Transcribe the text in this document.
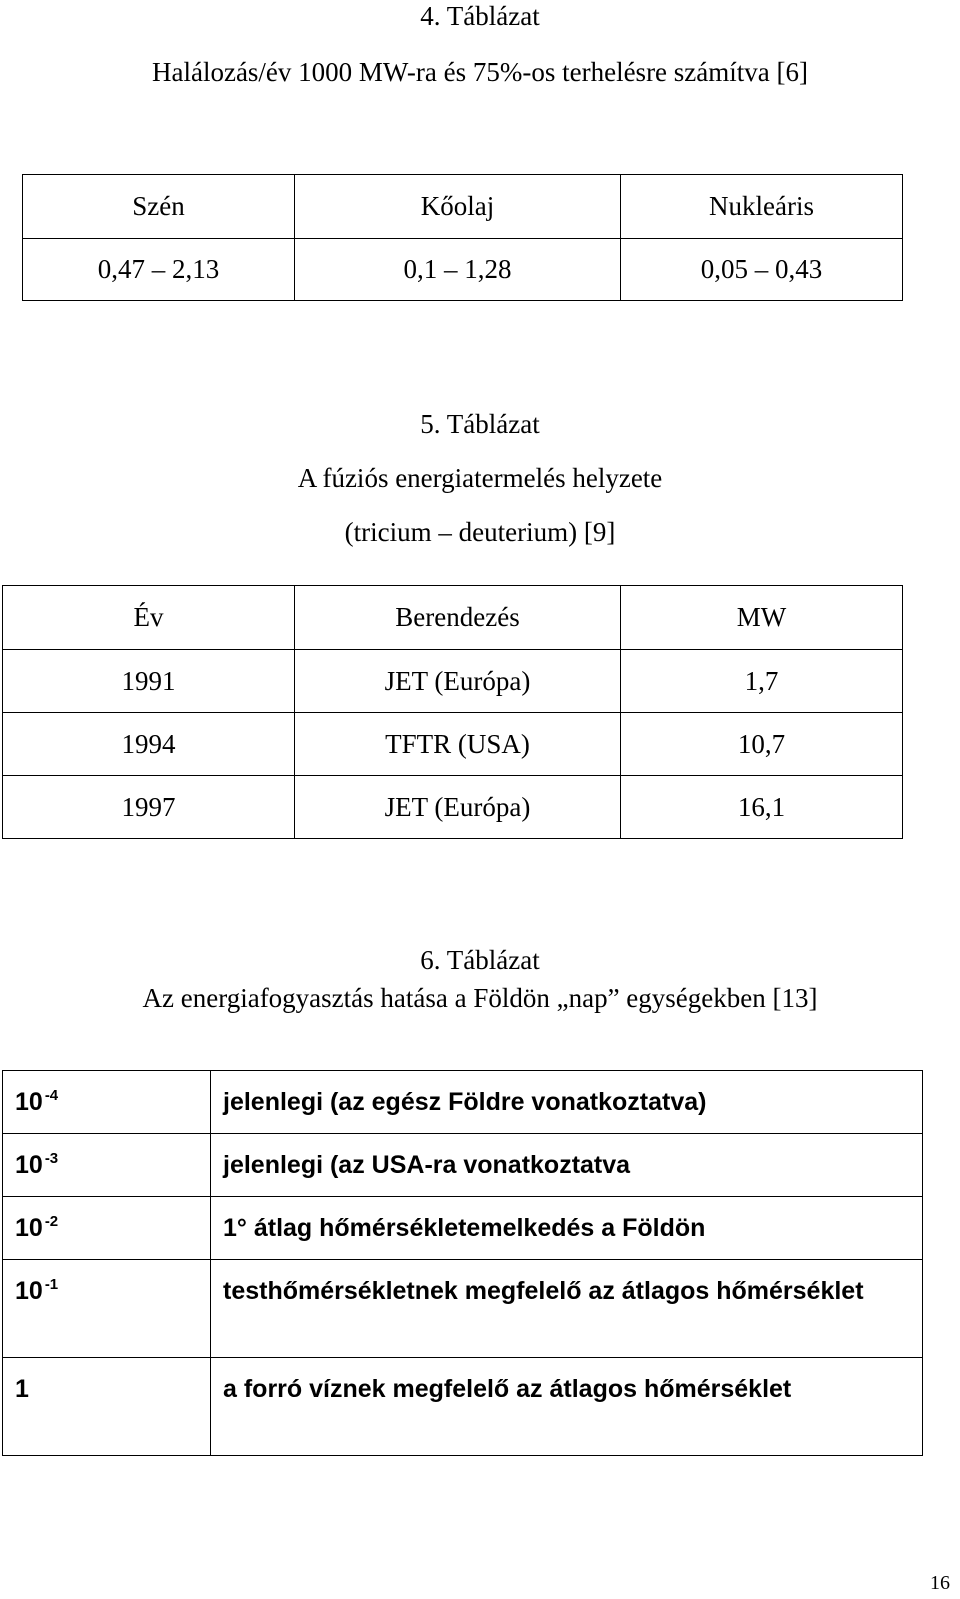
4. Táblázat
Halálozás/év 1000 MW-ra és 75%-os terhelésre számítva [6]
Szén	Kőolaj	Nukleáris
0,47 – 2,13	0,1 – 1,28	0,05 – 0,43
5. Táblázat
A fúziós energiatermelés helyzete
(tricium – deuterium) [9]
Év	Berendezés	MW
1991	JET (Európa)	1,7
1994	TFTR (USA)	10,7
1997	JET (Európa)	16,1
6. Táblázat
Az energiafogyasztás hatása a Földön „nap” egységekben [13]
10 $^{-4}$	jelenlegi (az egész Földre vonatkoztatva)
10 $^{-3}$	jelenlegi (az USA-ra vonatkoztatva
10 $^{-2}$	1° átlag hőmérsékletemelkedés a Földön
10 $^{-1}$	testhőmérsékletnek megfelelő az átlagos hőmérséklet
1	a forró víznek megfelelő az átlagos hőmérséklet
16
